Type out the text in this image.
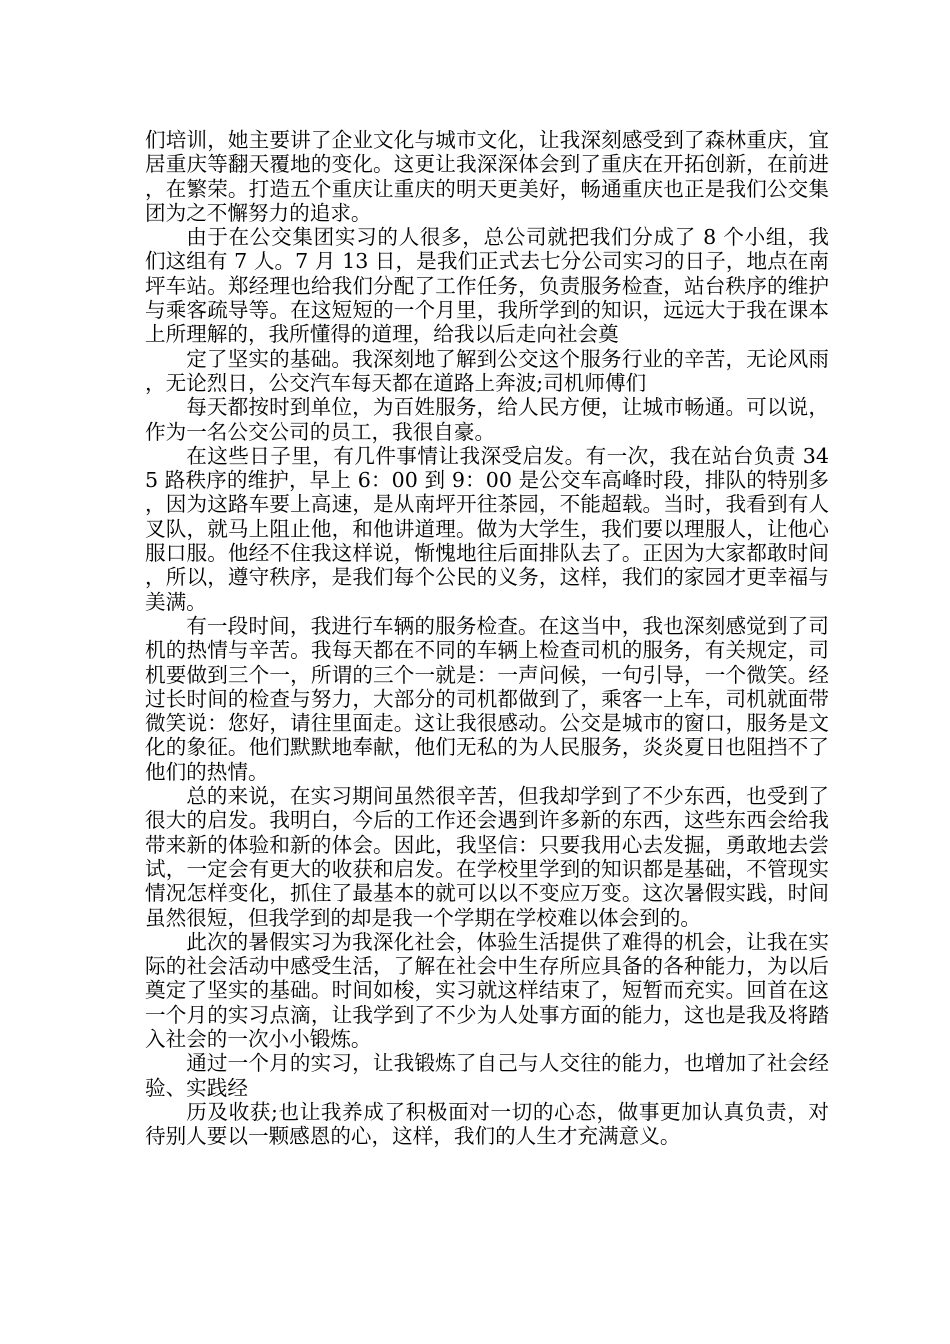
们培训，她主要讲了企业文化与城市文化，让我深刻感受到了森林重庆，宜居重庆等翻天覆地的变化。这更让我深深体会到了重庆在开拓创新，在前进，在繁荣。打造五个重庆让重庆的明天更美好，畅通重庆也正是我们公交集团为之不懈努力的追求。

由于在公交集团实习的人很多，总公司就把我们分成了 8 个小组，我们这组有 7 人。7 月 13 日，是我们正式去七分公司实习的日子，地点在南坪车站。郑经理也给我们分配了工作任务，负责服务检查，站台秩序的维护与乘客疏导等。在这短短的一个月里，我所学到的知识，远远大于我在课本上所理解的，我所懂得的道理，给我以后走向社会奠

定了坚实的基础。我深刻地了解到公交这个服务行业的辛苦，无论风雨，无论烈日，公交汽车每天都在道路上奔波;司机师傅们

每天都按时到单位，为百姓服务，给人民方便，让城市畅通。可以说，作为一名公交公司的员工，我很自豪。

在这些日子里，有几件事情让我深受启发。有一次，我在站台负责 345 路秩序的维护，早上 6：00 到 9：00 是公交车高峰时段，排队的特别多，因为这路车要上高速，是从南坪开往茶园，不能超载。当时，我看到有人叉队，就马上阻止他，和他讲道理。做为大学生，我们要以理服人，让他心服口服。他经不住我这样说，惭愧地往后面排队去了。正因为大家都敢时间，所以，遵守秩序，是我们每个公民的义务，这样，我们的家园才更幸福与美满。

有一段时间，我进行车辆的服务检查。在这当中，我也深刻感觉到了司机的热情与辛苦。我每天都在不同的车辆上检查司机的服务，有关规定，司机要做到三个一，所谓的三个一就是：一声问候，一句引导，一个微笑。经过长时间的检查与努力，大部分的司机都做到了，乘客一上车，司机就面带微笑说：您好，请往里面走。这让我很感动。公交是城市的窗口，服务是文化的象征。他们默默地奉献，他们无私的为人民服务，炎炎夏日也阻挡不了他们的热情。

总的来说，在实习期间虽然很辛苦，但我却学到了不少东西，也受到了很大的启发。我明白，今后的工作还会遇到许多新的东西，这些东西会给我带来新的体验和新的体会。因此，我坚信：只要我用心去发掘，勇敢地去尝试，一定会有更大的收获和启发。在学校里学到的知识都是基础，不管现实情况怎样变化，抓住了最基本的就可以以不变应万变。这次暑假实践，时间虽然很短，但我学到的却是我一个学期在学校难以体会到的。

此次的暑假实习为我深化社会，体验生活提供了难得的机会，让我在实际的社会活动中感受生活，了解在社会中生存所应具备的各种能力，为以后奠定了坚实的基础。时间如梭，实习就这样结束了，短暂而充实。回首在这一个月的实习点滴，让我学到了不少为人处事方面的能力，这也是我及将踏入社会的一次小小锻炼。

通过一个月的实习，让我锻炼了自己与人交往的能力，也增加了社会经验、实践经

历及收获;也让我养成了积极面对一切的心态，做事更加认真负责，对待别人要以一颗感恩的心，这样，我们的人生才充满意义。
